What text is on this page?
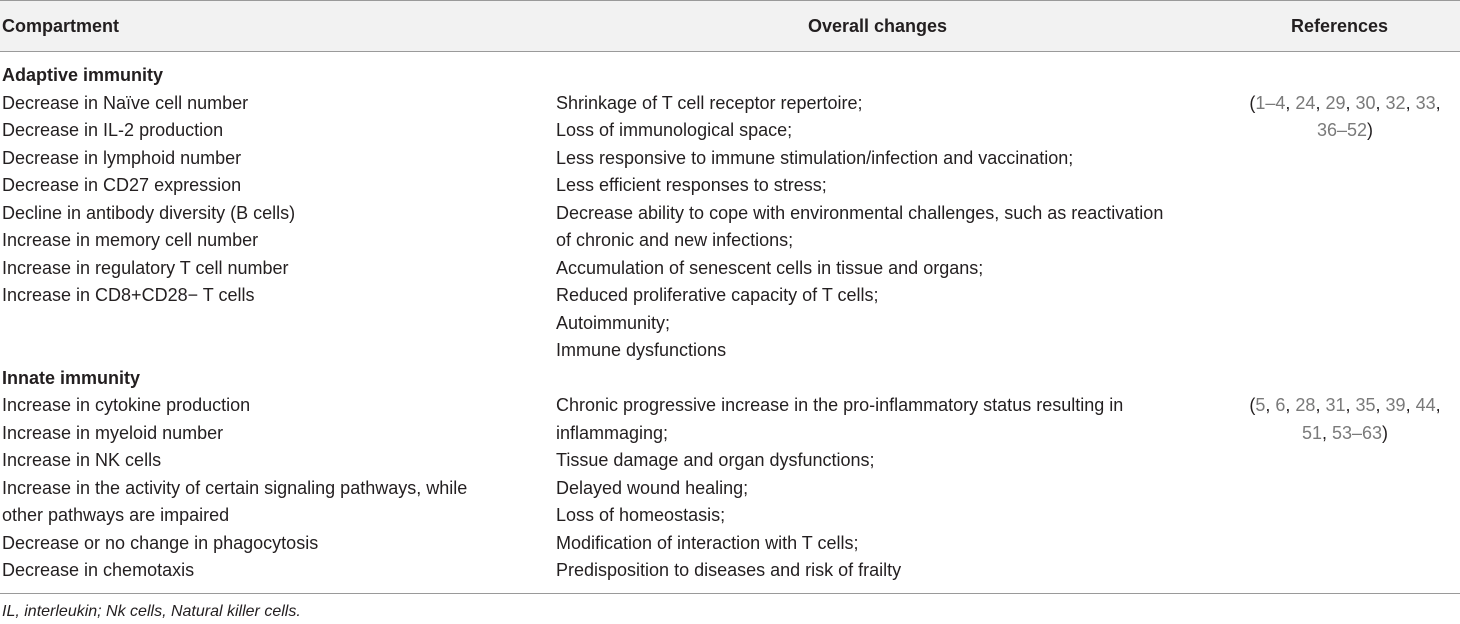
Compartment	Overall changes	References
Adaptive immunity
Decrease in Naïve cell number
Decrease in IL-2 production
Decrease in lymphoid number
Decrease in CD27 expression
Decline in antibody diversity (B cells)
Increase in memory cell number
Increase in regulatory T cell number
Increase in CD8+CD28− T cells
Shrinkage of T cell receptor repertoire;
Loss of immunological space;
Less responsive to immune stimulation/infection and vaccination;
Less efficient responses to stress;
Decrease ability to cope with environmental challenges, such as reactivation
of chronic and new infections;
Accumulation of senescent cells in tissue and organs;
Reduced proliferative capacity of T cells;
Autoimmunity;
Immune dysfunctions
(1–4, 24, 29, 30, 32, 33,
36–52)
Innate immunity
Increase in cytokine production
Increase in myeloid number
Increase in NK cells
Increase in the activity of certain signaling pathways, while
other pathways are impaired
Decrease or no change in phagocytosis
Decrease in chemotaxis
Chronic progressive increase in the pro-inflammatory status resulting in
inflammaging;
Tissue damage and organ dysfunctions;
Delayed wound healing;
Loss of homeostasis;
Modification of interaction with T cells;
Predisposition to diseases and risk of frailty
(5, 6, 28, 31, 35, 39, 44,
51, 53–63)
IL, interleukin; Nk cells, Natural killer cells.
